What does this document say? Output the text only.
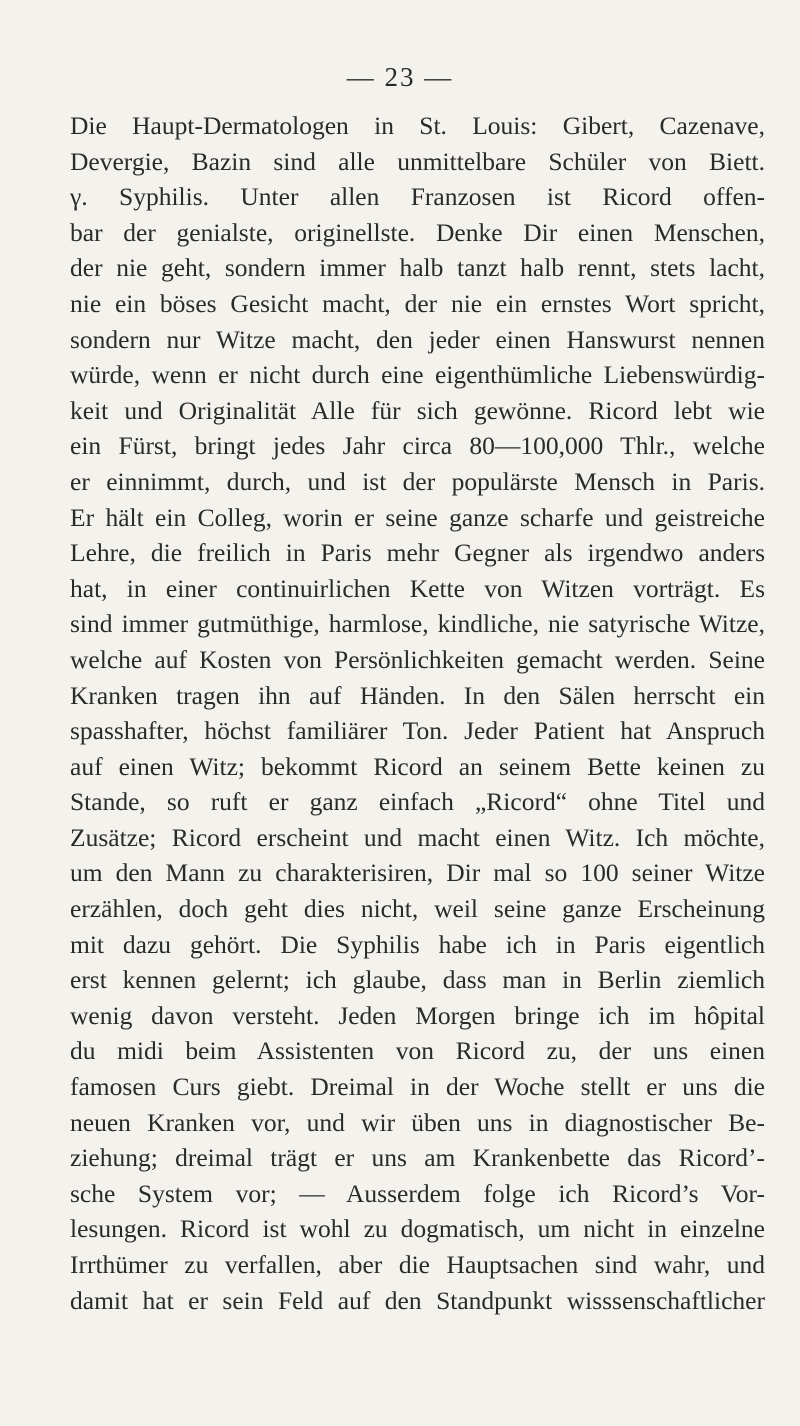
— 23 —
Die Haupt-Dermatologen in St. Louis: Gibert, Cazenave,
Devergie, Bazin sind alle unmittelbare Schüler von Biett.
γ. Syphilis. Unter allen Franzosen ist Ricord offen-
bar der genialste, originellste. Denke Dir einen Menschen,
der nie geht, sondern immer halb tanzt halb rennt, stets lacht,
nie ein böses Gesicht macht, der nie ein ernstes Wort spricht,
sondern nur Witze macht, den jeder einen Hanswurst nennen
würde, wenn er nicht durch eine eigenthümliche Liebenswürdig-
keit und Originalität Alle für sich gewönne. Ricord lebt wie
ein Fürst, bringt jedes Jahr circa 80—100,000 Thlr., welche
er einnimmt, durch, und ist der populärste Mensch in Paris.
Er hält ein Colleg, worin er seine ganze scharfe und geistreiche
Lehre, die freilich in Paris mehr Gegner als irgendwo anders
hat, in einer continuirlichen Kette von Witzen vorträgt. Es
sind immer gutmüthige, harmlose, kindliche, nie satyrische Witze,
welche auf Kosten von Persönlichkeiten gemacht werden. Seine
Kranken tragen ihn auf Händen. In den Sälen herrscht ein
spasshafter, höchst familiärer Ton. Jeder Patient hat Anspruch
auf einen Witz; bekommt Ricord an seinem Bette keinen zu
Stande, so ruft er ganz einfach „Ricord“ ohne Titel und
Zusätze; Ricord erscheint und macht einen Witz. Ich möchte,
um den Mann zu charakterisiren, Dir mal so 100 seiner Witze
erzählen, doch geht dies nicht, weil seine ganze Erscheinung
mit dazu gehört. Die Syphilis habe ich in Paris eigentlich
erst kennen gelernt; ich glaube, dass man in Berlin ziemlich
wenig davon versteht. Jeden Morgen bringe ich im hôpital
du midi beim Assistenten von Ricord zu, der uns einen
famosen Curs giebt. Dreimal in der Woche stellt er uns die
neuen Kranken vor, und wir üben uns in diagnostischer Be-
ziehung; dreimal trägt er uns am Krankenbette das Ricord’-
sche System vor; — Ausserdem folge ich Ricord’s Vor-
lesungen. Ricord ist wohl zu dogmatisch, um nicht in einzelne
Irrthümer zu verfallen, aber die Hauptsachen sind wahr, und
damit hat er sein Feld auf den Standpunkt wisssenschaftlicher
